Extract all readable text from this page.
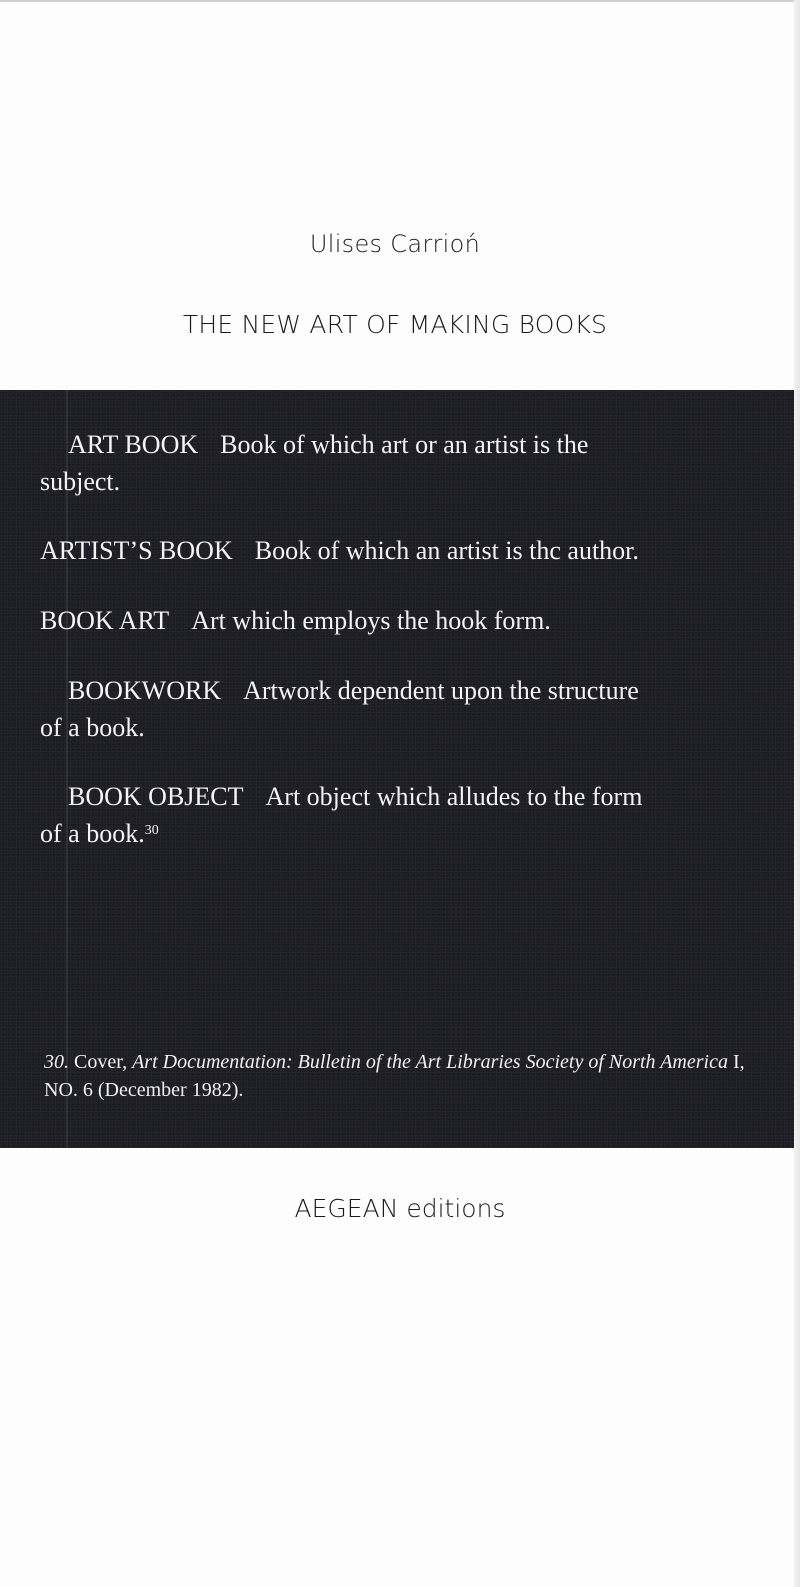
Ulises Carrioń
THE NEW ART OF MAKING BOOKS
ART BOOK Book of which art or an artist is the
subject.
ARTIST’S BOOK Book of which an artist is thc author.
BOOK ART Art which employs the hook form.
BOOKWORK Artwork dependent upon the structure
of a book.
BOOK OBJECT Art object which alludes to the form
of a book.$^{30}$
30. Cover, Art Documentation: Bulletin of the Art Libraries Society of North America I, NO. 6 (December 1982).
AEGEAN editions
